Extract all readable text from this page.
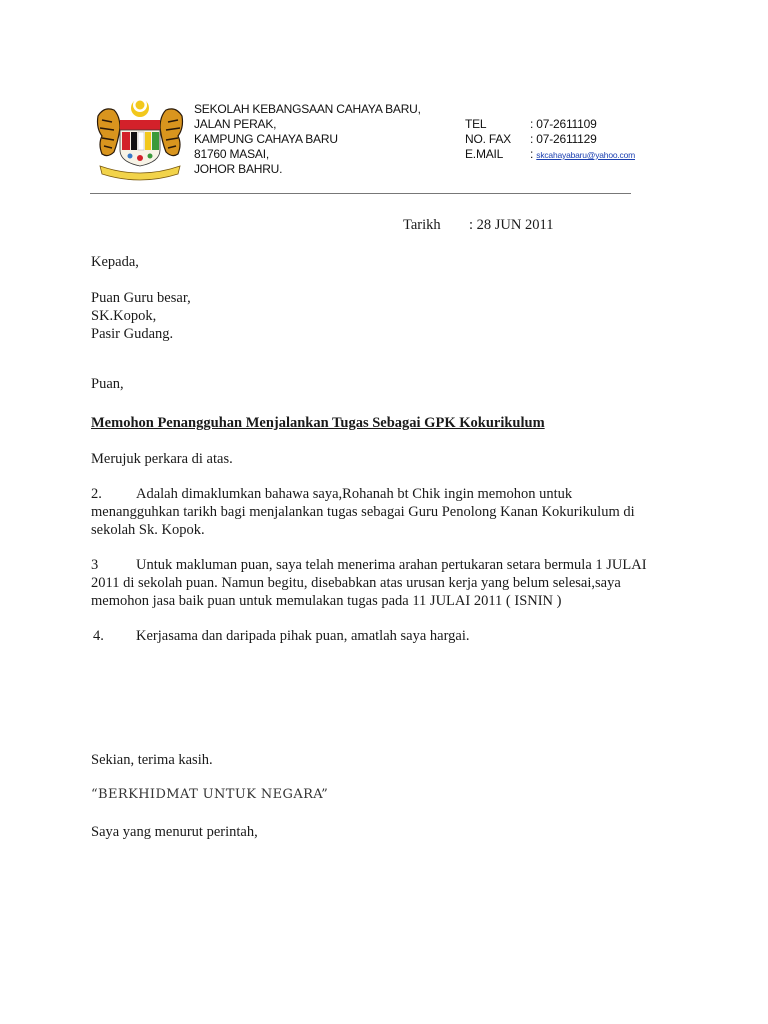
SEKOLAH KEBANGSAAN CAHAYA BARU,
JALAN PERAK,
KAMPUNG CAHAYA BARU
81760 MASAI,
JOHOR BAHRU.
TEL	: 07-2611109
NO. FAX	: 07-2611129
E.MAIL	: skcahayabaru@yahoo.com
Tarikh : 28 JUN 2011
Kepada,
Puan Guru besar,
SK.Kopok,
Pasir Gudang.
Puan,
Memohon Penangguhan Menjalankan Tugas Sebagai GPK Kokurikulum
Merujuk perkara di atas.
2. Adalah dimaklumkan bahawa saya,Rohanah bt Chik ingin memohon untuk
menangguhkan tarikh bagi menjalankan tugas sebagai Guru Penolong Kanan Kokurikulum di
sekolah Sk. Kopok.
3	Untuk makluman puan, saya telah menerima arahan pertukaran setara bermula 1 JULAI
2011 di sekolah puan. Namun begitu, disebabkan atas urusan kerja yang belum selesai,saya
memohon jasa baik puan untuk memulakan tugas pada 11 JULAI 2011 ( ISNIN )
4. Kerjasama dan daripada pihak puan, amatlah saya hargai.
Sekian, terima kasih.
“BERKHIDMAT UNTUK NEGARA”
Saya yang menurut perintah,
